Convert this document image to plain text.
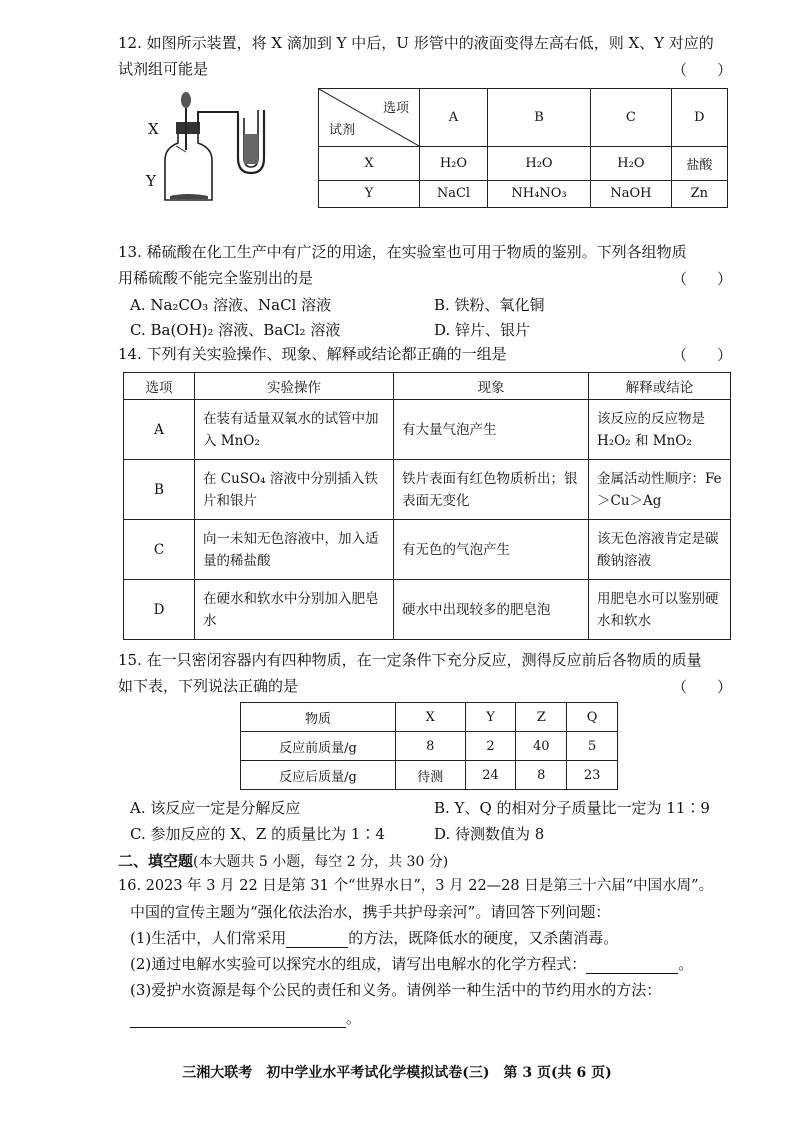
12. 如图所示装置，将 X 滴加到 Y 中后，U 形管中的液面变得左高右低，则 X、Y 对应的
试剂组可能是	（　　）
X
Y
选项
试剂	A	B	C	D
X	H₂O	H₂O	H₂O	盐酸
Y	NaCl	NH₄NO₃	NaOH	Zn
13. 稀硫酸在化工生产中有广泛的用途，在实验室也可用于物质的鉴别。下列各组物质
用稀硫酸不能完全鉴别出的是	（　　）
A. Na₂CO₃ 溶液、NaCl 溶液	B. 铁粉、氧化铜
C. Ba(OH)₂ 溶液、BaCl₂ 溶液	D. 锌片、银片
14. 下列有关实验操作、现象、解释或结论都正确的一组是	（　　）
选项	实验操作	现象	解释或结论
A	在装有适量双氧水的试管中加入 MnO₂	有大量气泡产生	该反应的反应物是 H₂O₂ 和 MnO₂
B	在 CuSO₄ 溶液中分别插入铁片和银片	铁片表面有红色物质析出；银表面无变化	金属活动性顺序：Fe＞Cu＞Ag
C	向一未知无色溶液中，加入适量的稀盐酸	有无色的气泡产生	该无色溶液肯定是碳酸钠溶液
D	在硬水和软水中分别加入肥皂水	硬水中出现较多的肥皂泡	用肥皂水可以鉴别硬水和软水
15. 在一只密闭容器内有四种物质，在一定条件下充分反应，测得反应前后各物质的质量
如下表，下列说法正确的是	（　　）
物质	X	Y	Z	Q
反应前质量/g	8	2	40	5
反应后质量/g	待测	24	8	23
A. 该反应一定是分解反应	B. Y、Q 的相对分子质量比一定为 11∶9
C. 参加反应的 X、Z 的质量比为 1∶4	D. 待测数值为 8
二、填空题(本大题共 5 小题，每空 2 分，共 30 分)
16. 2023 年 3 月 22 日是第 31 个“世界水日”，3 月 22—28 日是第三十六届“中国水周”。
中国的宣传主题为“强化依法治水，携手共护母亲河”。请回答下列问题：
(1)生活中，人们常采用	的方法，既降低水的硬度，又杀菌消毒。
(2)通过电解水实验可以探究水的组成，请写出电解水的化学方程式：	。
(3)爱护水资源是每个公民的责任和义务。请例举一种生活中的节约用水的方法：
。
三湘大联考　初中学业水平考试化学模拟试卷(三)　第 3 页(共 6 页)
